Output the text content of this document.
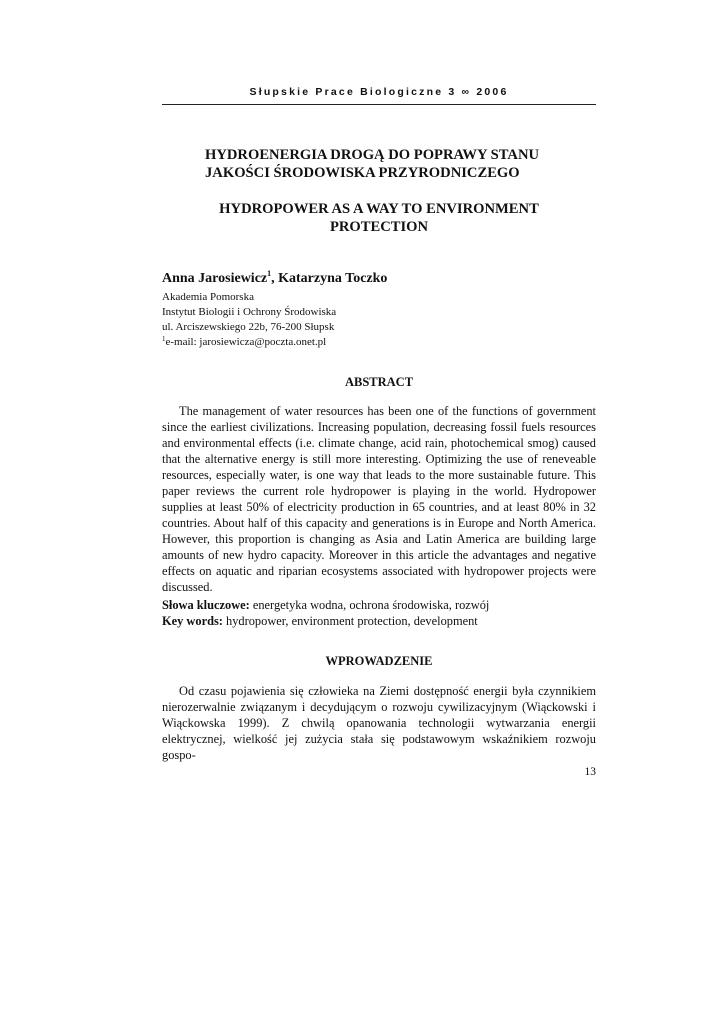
Słupskie Prace Biologiczne 3 ∞ 2006
HYDROENERGIA DROGĄ DO POPRAWY STANU
JAKOŚCI ŚRODOWISKA PRZYRODNICZEGO
HYDROPOWER AS A WAY TO ENVIRONMENT
PROTECTION
Anna Jarosiewicz$^1$, Katarzyna Toczko
Akademia Pomorska
Instytut Biologii i Ochrony Środowiska
ul. Arciszewskiego 22b, 76-200 Słupsk
$^1$e-mail: jarosiewicza@poczta.onet.pl
ABSTRACT

The management of water resources has been one of the functions of government since the earliest civilizations. Increasing population, decreasing fossil fuels resources and environmental effects (i.e. climate change, acid rain, photochemical smog) caused that the alternative energy is still more interesting. Optimizing the use of reneveable resources, especially water, is one way that leads to the more sustainable future. This paper reviews the current role hydropower is playing in the world. Hydropower supplies at least 50% of electricity production in 65 countries, and at least 80% in 32 countries. About half of this capacity and generations is in Europe and North America. However, this proportion is changing as Asia and Latin America are building large amounts of new hydro capacity. Moreover in this article the advantages and negative effects on aquatic and riparian ecosystems associated with hydropower projects were discussed.

Słowa kluczowe: energetyka wodna, ochrona środowiska, rozwój
Key words: hydropower, environment protection, development
WPROWADZENIE

Od czasu pojawienia się człowieka na Ziemi dostępność energii była czynnikiem nierozerwalnie związanym i decydującym o rozwoju cywilizacyjnym (Wiąckowski i Wiąckowska 1999). Z chwilą opanowania technologii wytwarzania energii elektrycznej, wielkość jej zużycia stała się podstawowym wskaźnikiem rozwoju gospo-

13
